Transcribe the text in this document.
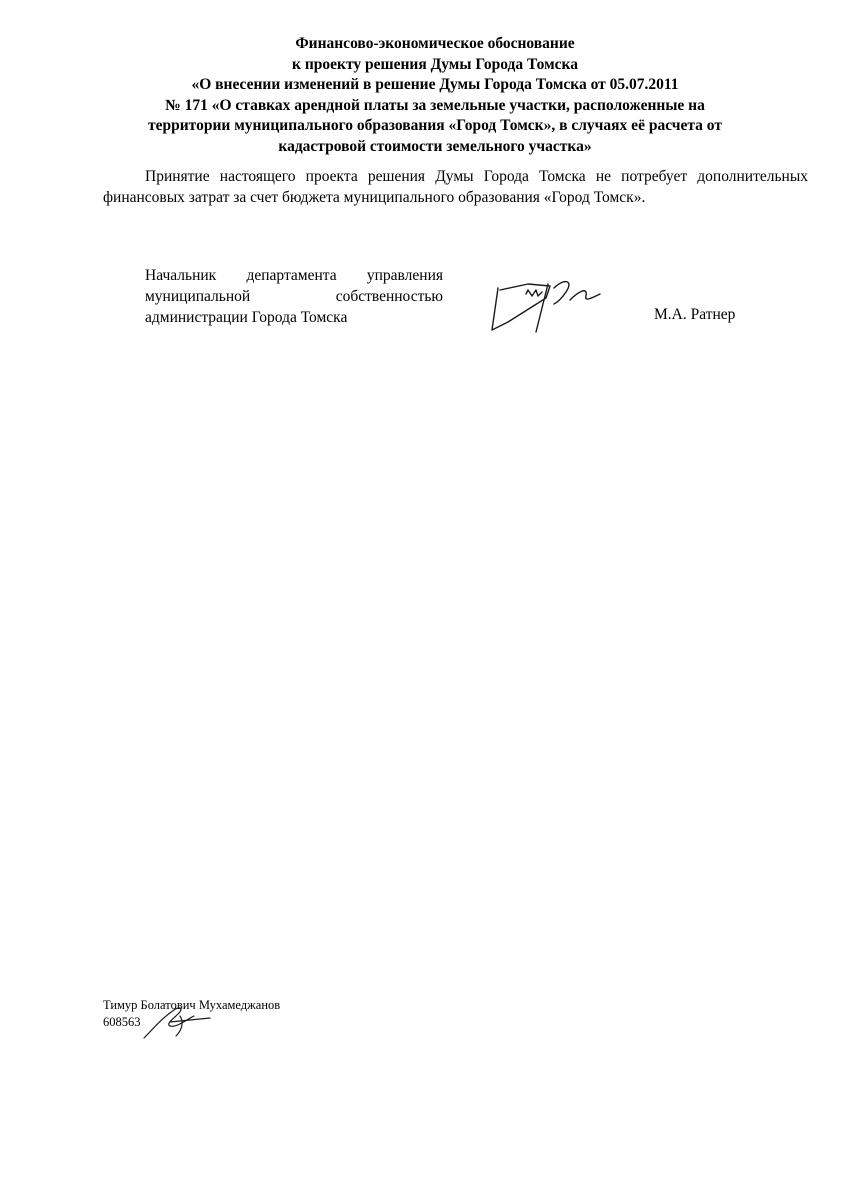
Финансово-экономическое обоснование
к проекту решения Думы Города Томска
«О внесении изменений в решение Думы Города Томска от 05.07.2011
№ 171 «О ставках арендной платы за земельные участки, расположенные на
территории муниципального образования «Город Томск», в случаях её расчета от
кадастровой стоимости земельного участка»

Принятие настоящего проекта решения Думы Города Томска не потребует дополнительных финансовых затрат за счет бюджета муниципального образования «Город Томск».

Начальник департамента управления
муниципальной собственностью
администрации Города Томска	М.А. Ратнер
Тимур Болатович Мухамеджанов
608563
